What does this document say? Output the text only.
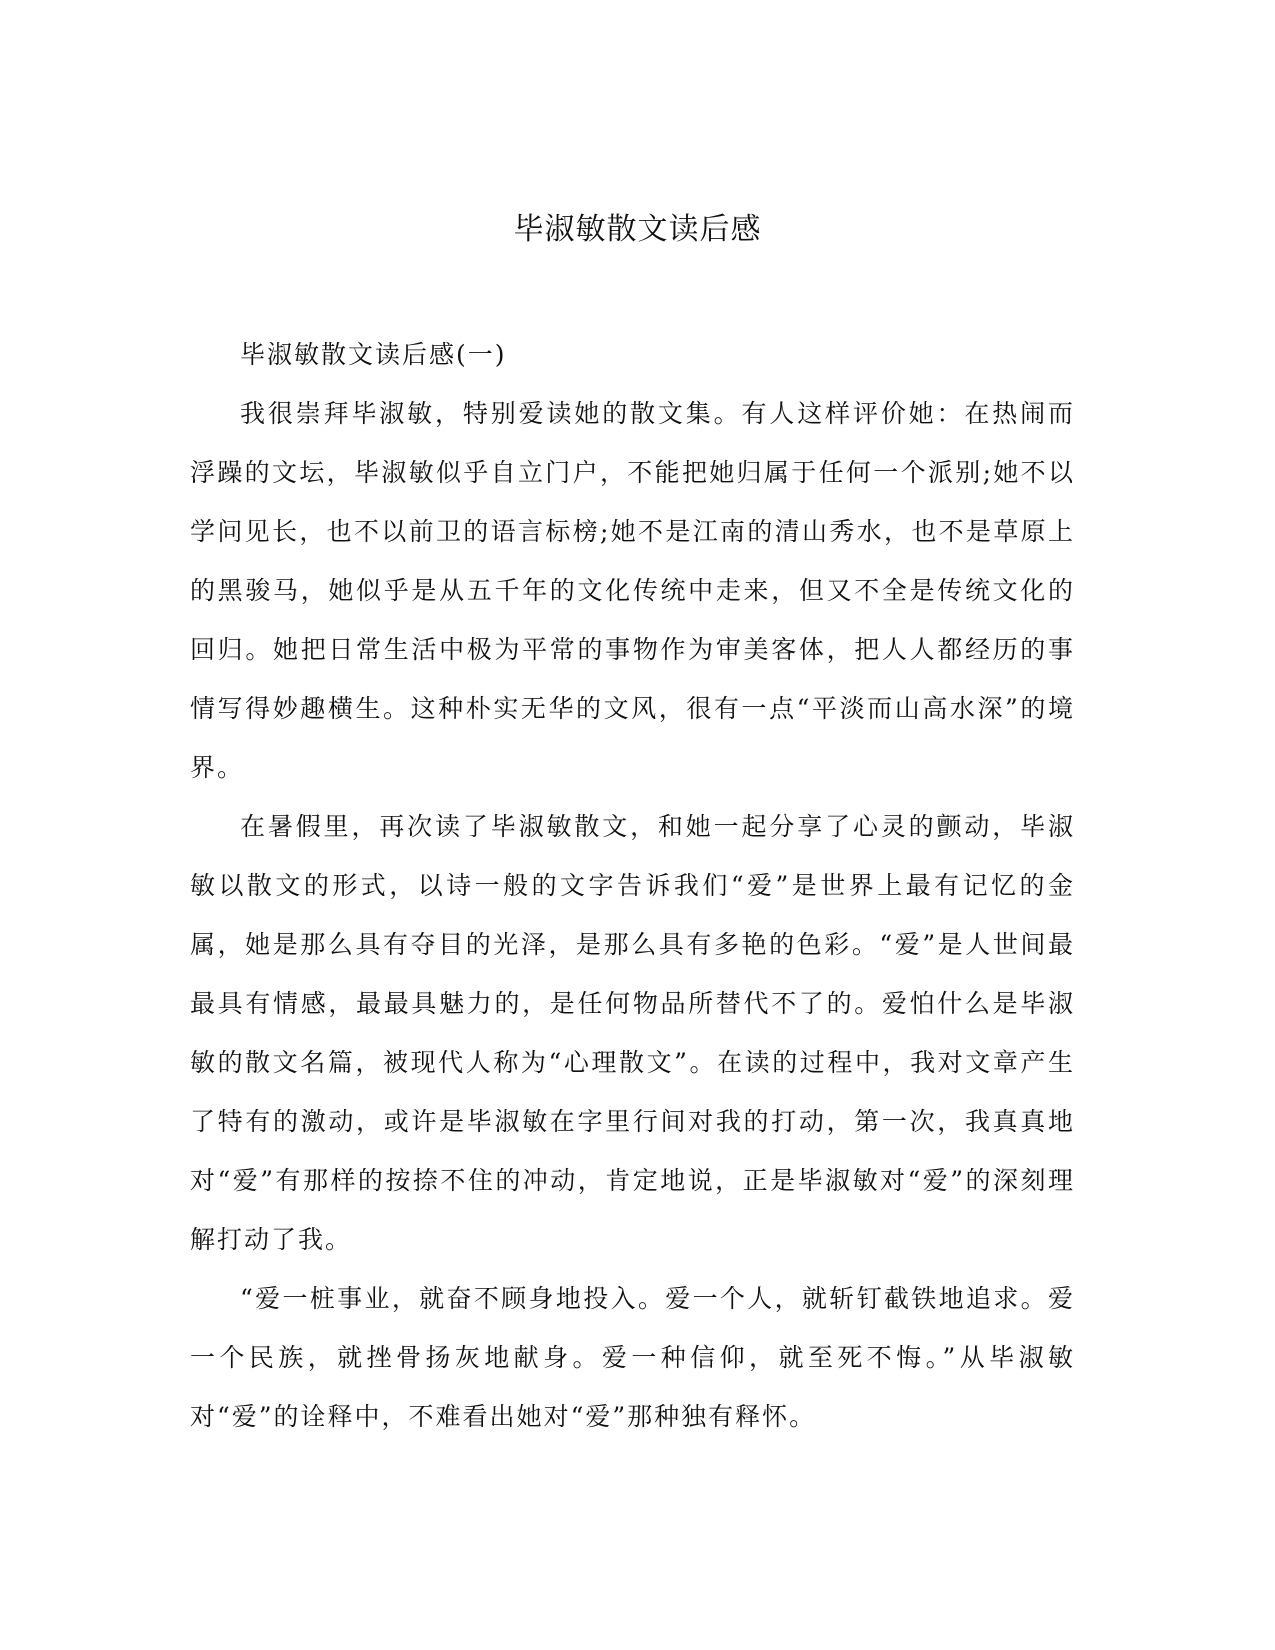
毕淑敏散文读后感

毕淑敏散文读后感(一)

我很崇拜毕淑敏，特别爱读她的散文集。有人这样评价她：在热闹而浮躁的文坛，毕淑敏似乎自立门户，不能把她归属于任何一个派别;她不以学问见长，也不以前卫的语言标榜;她不是江南的清山秀水，也不是草原上的黑骏马，她似乎是从五千年的文化传统中走来，但又不全是传统文化的回归。她把日常生活中极为平常的事物作为审美客体，把人人都经历的事情写得妙趣横生。这种朴实无华的文风，很有一点“平淡而山高水深”的境界。

在暑假里，再次读了毕淑敏散文，和她一起分享了心灵的颤动，毕淑敏以散文的形式，以诗一般的文字告诉我们“爱”是世界上最有记忆的金属，她是那么具有夺目的光泽，是那么具有多艳的色彩。“爱”是人世间最最具有情感，最最具魅力的，是任何物品所替代不了的。爱怕什么是毕淑敏的散文名篇，被现代人称为“心理散文”。在读的过程中，我对文章产生了特有的激动，或许是毕淑敏在字里行间对我的打动，第一次，我真真地对“爱”有那样的按捺不住的冲动，肯定地说，正是毕淑敏对“爱”的深刻理解打动了我。

“爱一桩事业，就奋不顾身地投入。爱一个人，就斩钉截铁地追求。爱一个民族，就挫骨扬灰地献身。爱一种信仰，就至死不悔。”从毕淑敏对“爱”的诠释中，不难看出她对“爱”那种独有释怀。
